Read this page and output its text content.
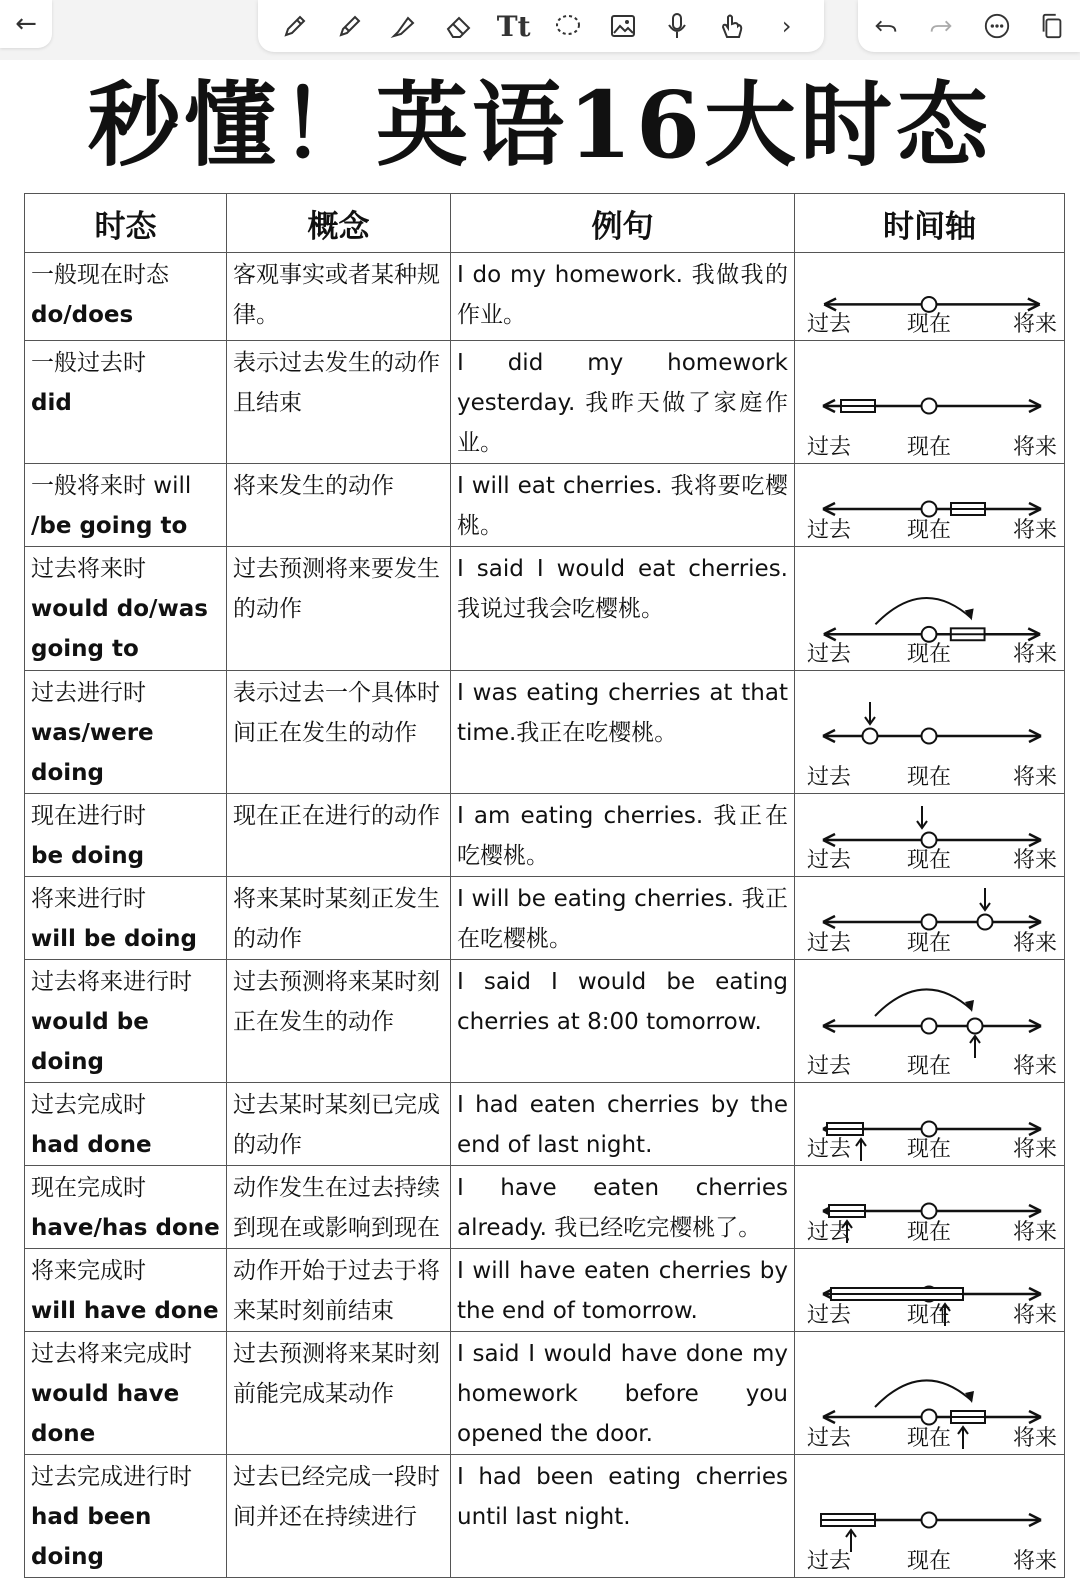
←	Tt	›
秒懂！英语16大时态
时态	概念	例句	时间轴

一般现在时态
do/does	客观事实或者某种规律。	I do my homework. 我做我的作业。	过去 现在 将来

一般过去时
did	表示过去发生的动作且结束	I did my homework yesterday. 我昨天做了家庭作业。	过去 现在 将来

一般将来时 will
/be going to	将来发生的动作	I will eat cherries. 我将要吃樱桃。	过去 现在 将来

过去将来时
would do/was going to	过去预测将来要发生的动作	I said I would eat cherries. 我说过我会吃樱桃。	过去 现在 将来

过去进行时
was/were doing	表示过去一个具体时间正在发生的动作	I was eating cherries at that time.我正在吃樱桃。	过去 现在 将来

现在进行时
be doing	现在正在进行的动作	I am eating cherries. 我正在吃樱桃。	过去 现在 将来

将来进行时
will be doing	将来某时某刻正发生的动作	I will be eating cherries. 我正在吃樱桃。	过去 现在 将来

过去将来进行时
would be doing	过去预测将来某时刻正在发生的动作	I said I would be eating cherries at 8:00 tomorrow.	过去 现在 将来

过去完成时
had done	过去某时某刻已完成的动作	I had eaten cherries by the end of last night.	过去 现在 将来

现在完成时
have/has done	动作发生在过去持续到现在或影响到现在	I have eaten cherries already. 我已经吃完樱桃了。	过去 现在 将来

将来完成时
will have done	动作开始于过去于将来某时刻前结束	I will have eaten cherries by the end of tomorrow.	过去 现在 将来

过去将来完成时
would have done	过去预测将来某时刻前能完成某动作	I said I would have done my homework before you opened the door.	过去 现在 将来

过去完成进行时
had been doing	过去已经完成一段时间并还在持续进行	I had been eating cherries until last night.	过去 现在 将来
